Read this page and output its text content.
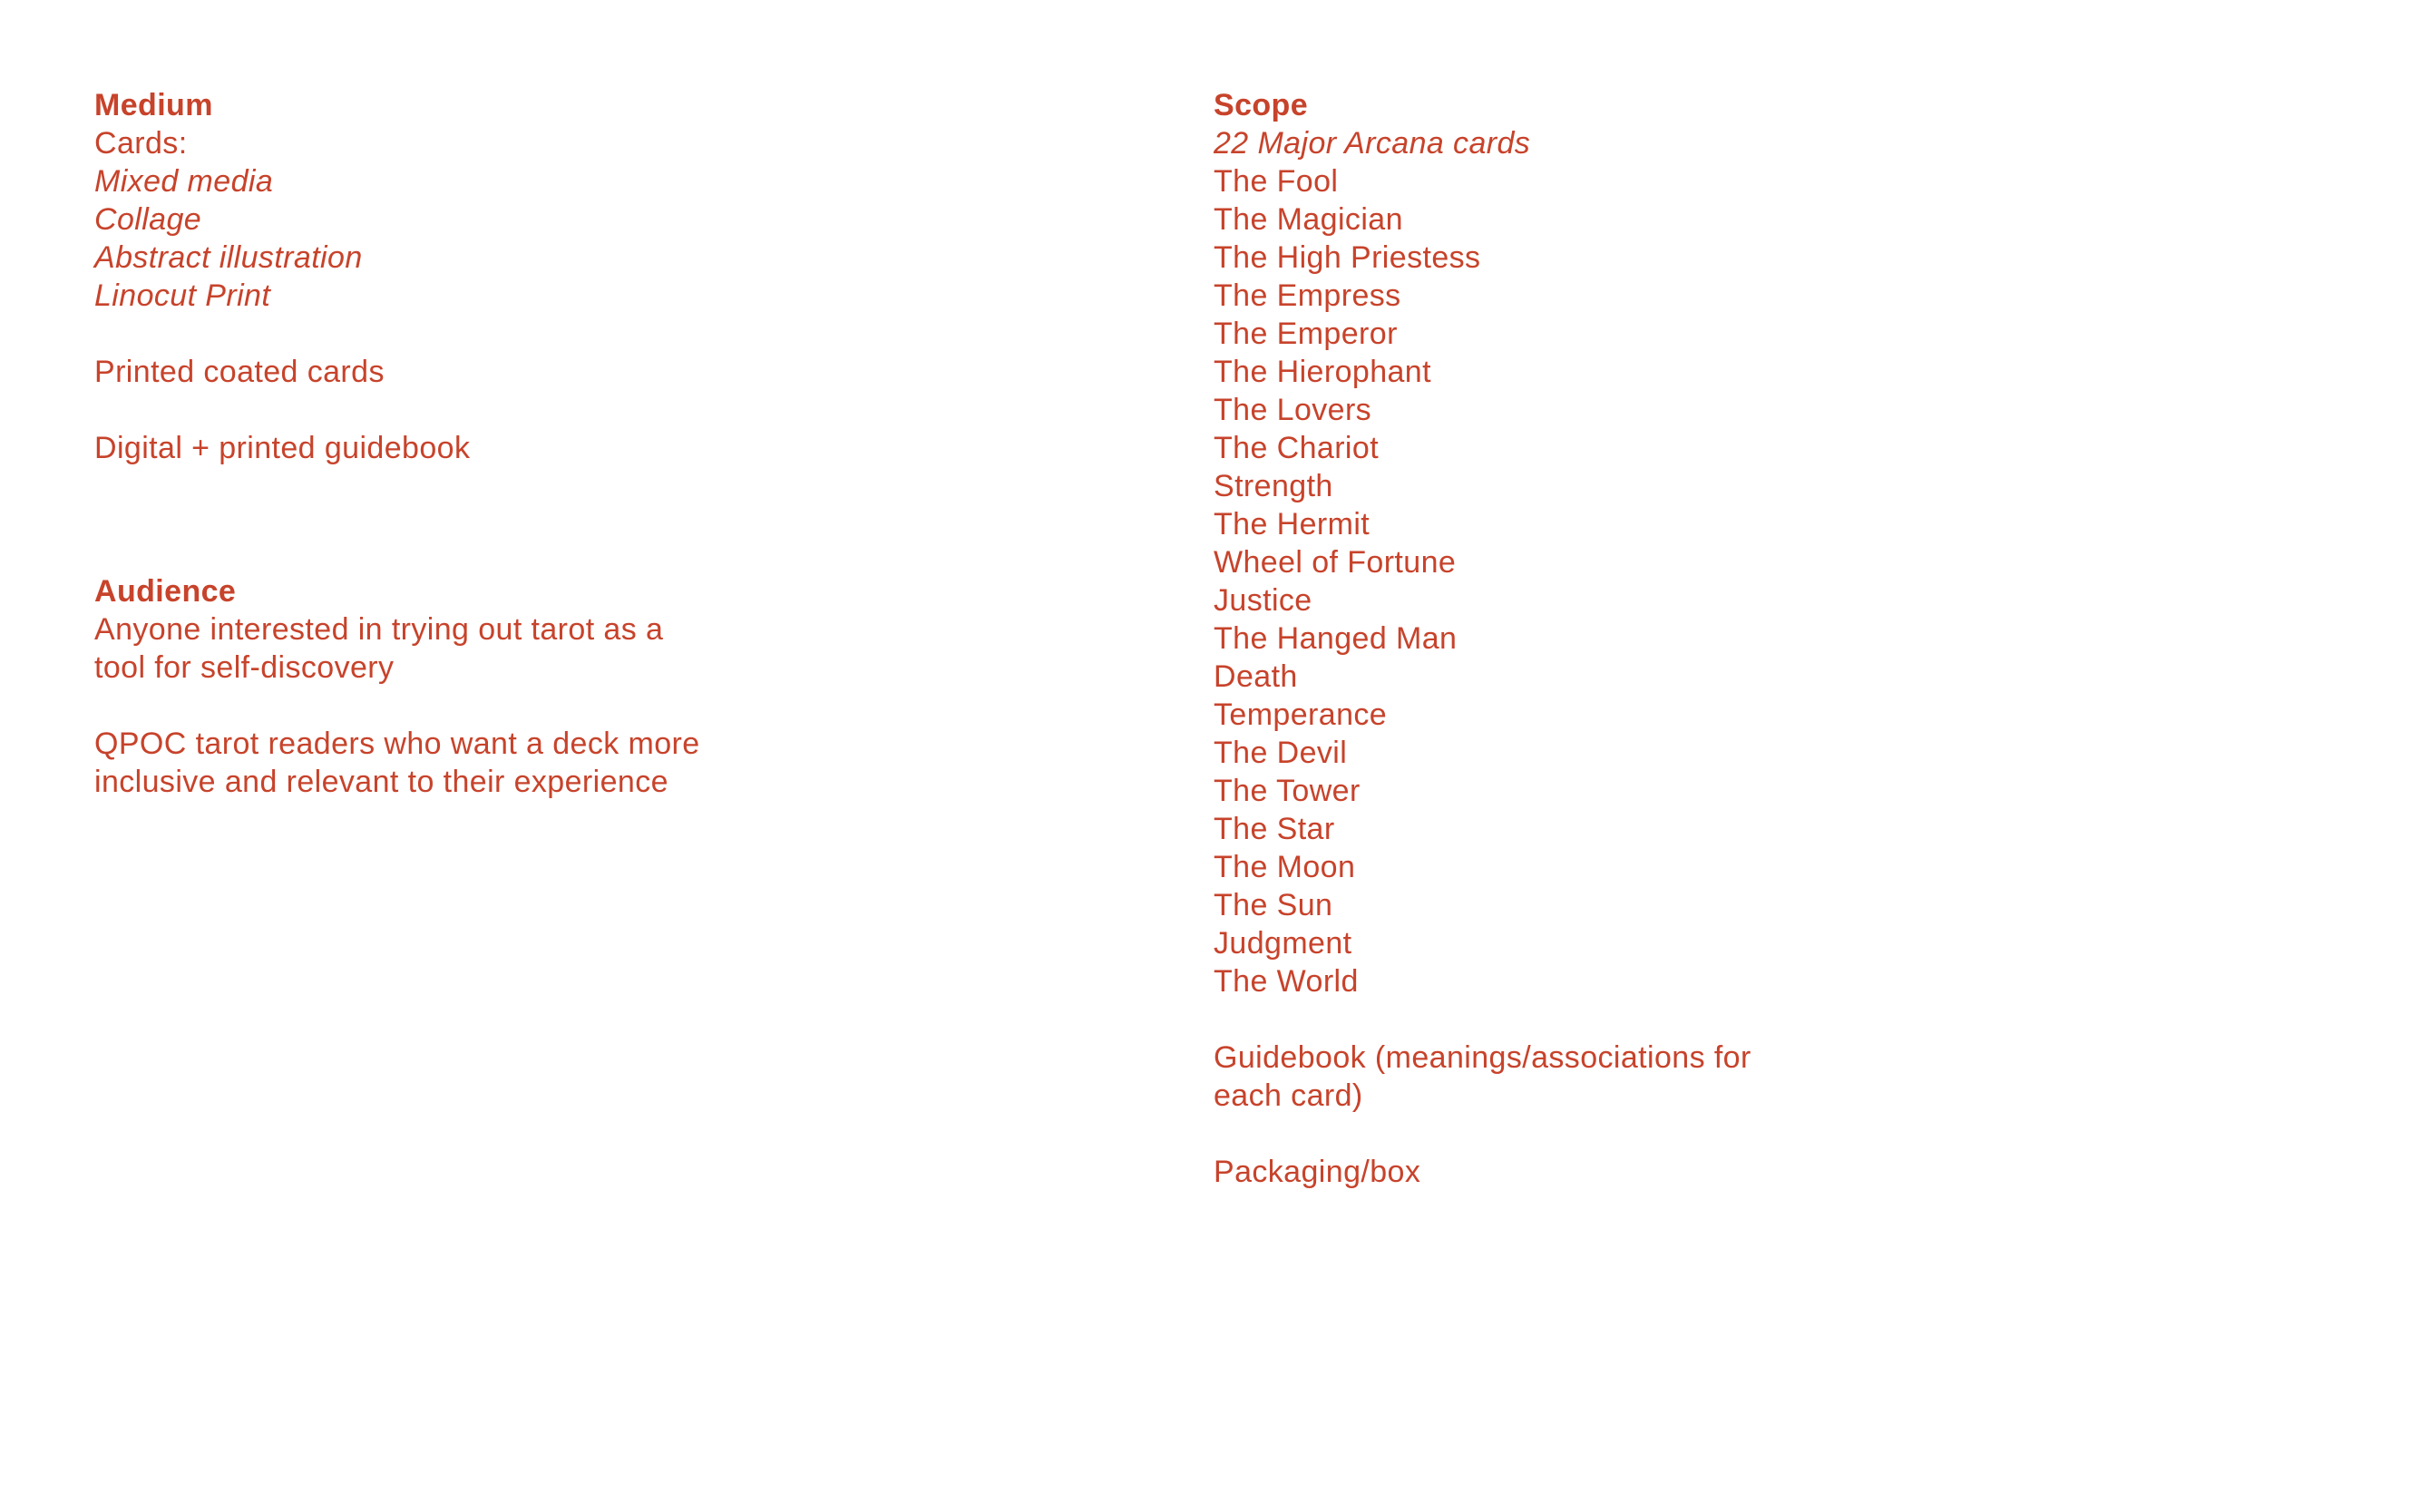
Medium
Cards:
Mixed media
Collage
Abstract illustration
Linocut Print
Printed coated cards
Digital + printed guidebook
Audience
Anyone interested in trying out tarot as a
tool for self-discovery
QPOC tarot readers who want a deck more
inclusive and relevant to their experience
Scope
22 Major Arcana cards
The Fool
The Magician
The High Priestess
The Empress
The Emperor
The Hierophant
The Lovers
The Chariot
Strength
The Hermit
Wheel of Fortune
Justice
The Hanged Man
Death
Temperance
The Devil
The Tower
The Star
The Moon
The Sun
Judgment
The World
Guidebook (meanings/associations for
each card)
Packaging/box
